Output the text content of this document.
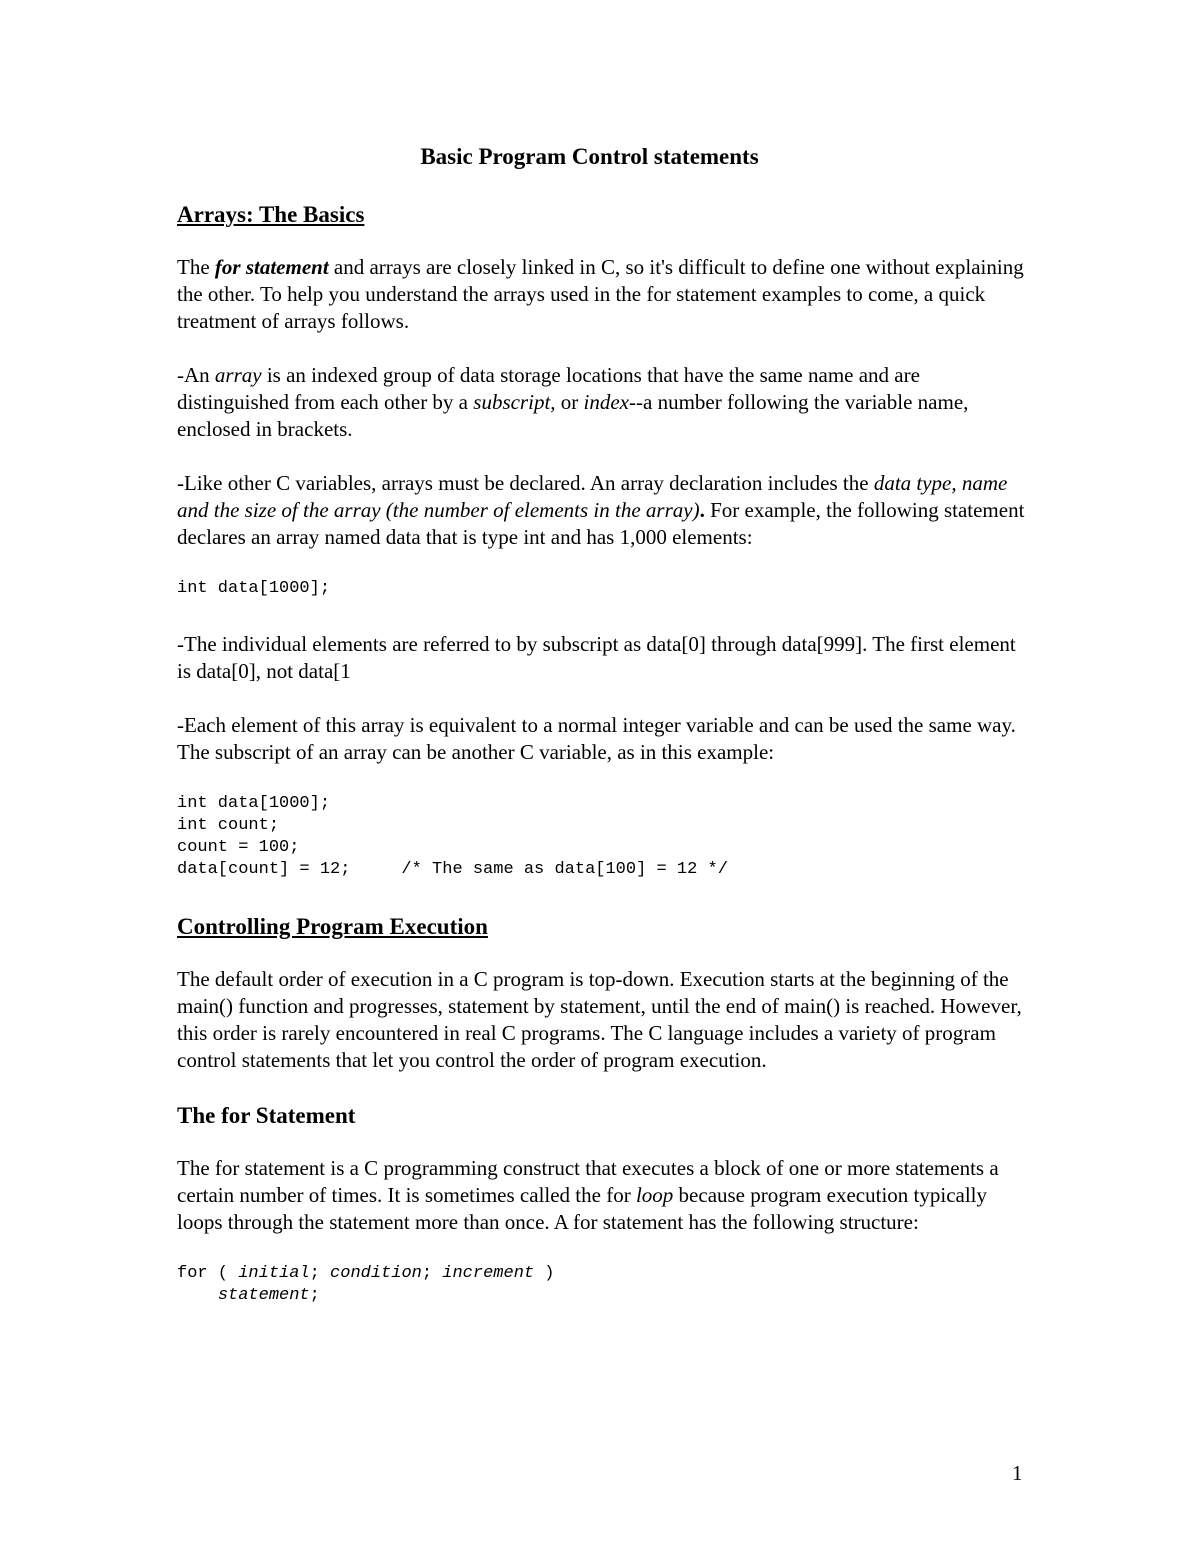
Basic Program Control statements
Arrays: The Basics

The for statement and arrays are closely linked in C, so it's difficult to define one without explaining the other. To help you understand the arrays used in the for statement examples to come, a quick treatment of arrays follows.

-An array is an indexed group of data storage locations that have the same name and are distinguished from each other by a subscript, or index--a number following the variable name, enclosed in brackets.

-Like other C variables, arrays must be declared. An array declaration includes the data type, name and the size of the array (the number of elements in the array). For example, the following statement declares an array named data that is type int and has 1,000 elements:

int data[1000];

-The individual elements are referred to by subscript as data[0] through data[999]. The first element is data[0], not data[1

-Each element of this array is equivalent to a normal integer variable and can be used the same way. The subscript of an array can be another C variable, as in this example:

int data[1000];
int count;
count = 100;
data[count] = 12;     /* The same as data[100] = 12 */
Controlling Program Execution

The default order of execution in a C program is top-down. Execution starts at the beginning of the main() function and progresses, statement by statement, until the end of main() is reached. However, this order is rarely encountered in real C programs. The C language includes a variety of program control statements that let you control the order of program execution.

The for Statement

The for statement is a C programming construct that executes a block of one or more statements a certain number of times. It is sometimes called the for loop because program execution typically loops through the statement more than once. A for statement has the following structure:

for ( initial; condition; increment )
statement;
1
